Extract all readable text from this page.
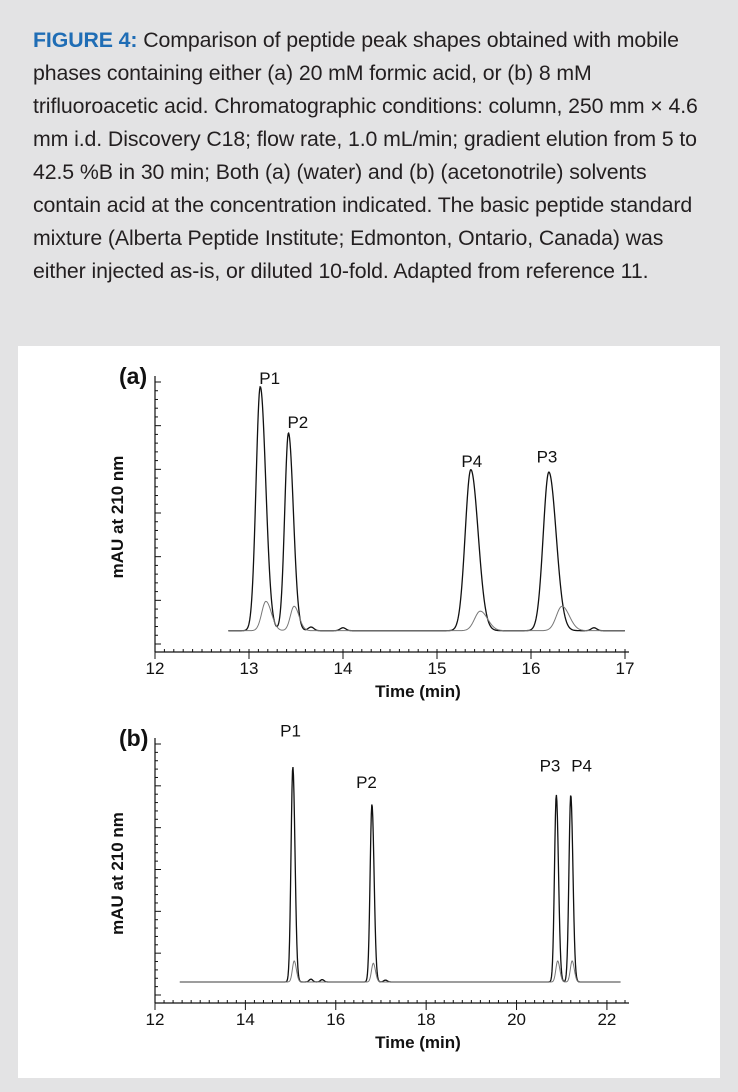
FIGURE 4: Comparison of peptide peak shapes obtained with mobile phases containing either (a) 20 mM formic acid, or (b) 8 mM trifluoroacetic acid. Chromatographic conditions: column, 250 mm × 4.6 mm i.d. Discovery C18; flow rate, 1.0 mL/min; gradient elution from 5 to 42.5 %B in 30 min; Both (a) (water) and (b) (acetonotrile) solvents contain acid at the concentration indicated. The basic peptide standard mixture (Alberta Peptide Institute; Edmonton, Ontario, Canada) was either injected as-is, or diluted 10-fold. Adapted from reference 11.
12	13	14	15	16	17
Time (min)
mAU at 210 nm
(a)	P1
P2
P4	P3
12	14	16	18	20	22
Time (min)
mAU at 210 nm
(b)	P1
P2
P3 P4
